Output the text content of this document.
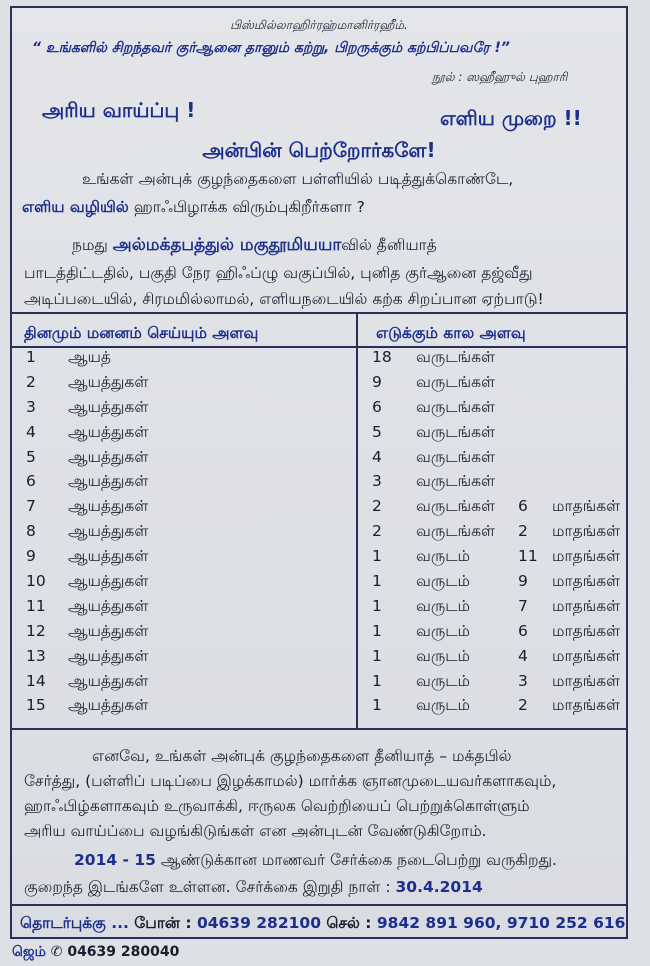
பிஸ்மில்லாஹிர்ரஹ்மானிர்ரஹீம்.
“ உங்களில் சிறந்தவர் குர்ஆனை தானும் கற்று, பிறருக்கும் கற்பிப்பவரே !”
நூல் : ஸஹீஹுல் புஹாரி
அரிய வாய்ப்பு !	எளிய முறை !!
அன்பின் பெற்றோர்களே!
உங்கள் அன்புக் குழந்தைகளை பள்ளியில் படித்துக்கொண்டே,
எளிய வழியில் ஹாஃபிழாக்க விரும்புகிறீர்களா ?
நமது அல்மக்தபத்துல் மகுதூமியயாவில் தீனியாத்
பாடத்திட்டதில், பகுதி நேர ஹிஃப்ழு வகுப்பில், புனித குர்ஆனை தஜ்வீது
அடிப்படையில், சிரமமில்லாமல், எளியநடையில் கற்க சிறப்பான ஏற்பாடு!
தினமும் மனனம் செய்யும் அளவு	எடுக்கும் கால அளவு
1	ஆயத்	18	வருடங்கள்
2	ஆயத்துகள்	9	வருடங்கள்
3	ஆயத்துகள்	6	வருடங்கள்
4	ஆயத்துகள்	5	வருடங்கள்
5	ஆயத்துகள்	4	வருடங்கள்
6	ஆயத்துகள்	3	வருடங்கள்
7	ஆயத்துகள்	2	வருடங்கள் 6 மாதங்கள்
8	ஆயத்துகள்	2	வருடங்கள் 2 மாதங்கள்
9	ஆயத்துகள்	1	வருடம்	11 மாதங்கள்
10	ஆயத்துகள்	1	வருடம்	9 மாதங்கள்
11	ஆயத்துகள்	1	வருடம்	7 மாதங்கள்
12	ஆயத்துகள்	1	வருடம்	6 மாதங்கள்
13	ஆயத்துகள்	1	வருடம்	4 மாதங்கள்
14	ஆயத்துகள்	1	வருடம்	3 மாதங்கள்
15	ஆயத்துகள்	1	வருடம்	2 மாதங்கள்
எனவே, உங்கள் அன்புக் குழந்தைகளை தீனியாத் – மக்தபில்
சேர்த்து, (பள்ளிப் படிப்பை இழக்காமல்) மார்க்க ஞானமுடையவர்களாகவும்,
ஹாஃபிழ்களாகவும் உருவாக்கி, ஈருலக வெற்றியைப் பெற்றுக்கொள்ளும்
அரிய வாய்ப்பை வழங்கிடுங்கள் என அன்புடன் வேண்டுகிறோம்.
2014 - 15 ஆண்டுக்கான மாணவர் சேர்க்கை நடைபெற்று வருகிறது.
குறைந்த இடங்களே உள்ளன. சேர்க்கை இறுதி நாள் : 30.4.2014
தொடர்புக்கு ... போன் : 04639 282100 செல் : 9842 891 960, 9710 252 616
ஜெம் ✆ 04639 280040
